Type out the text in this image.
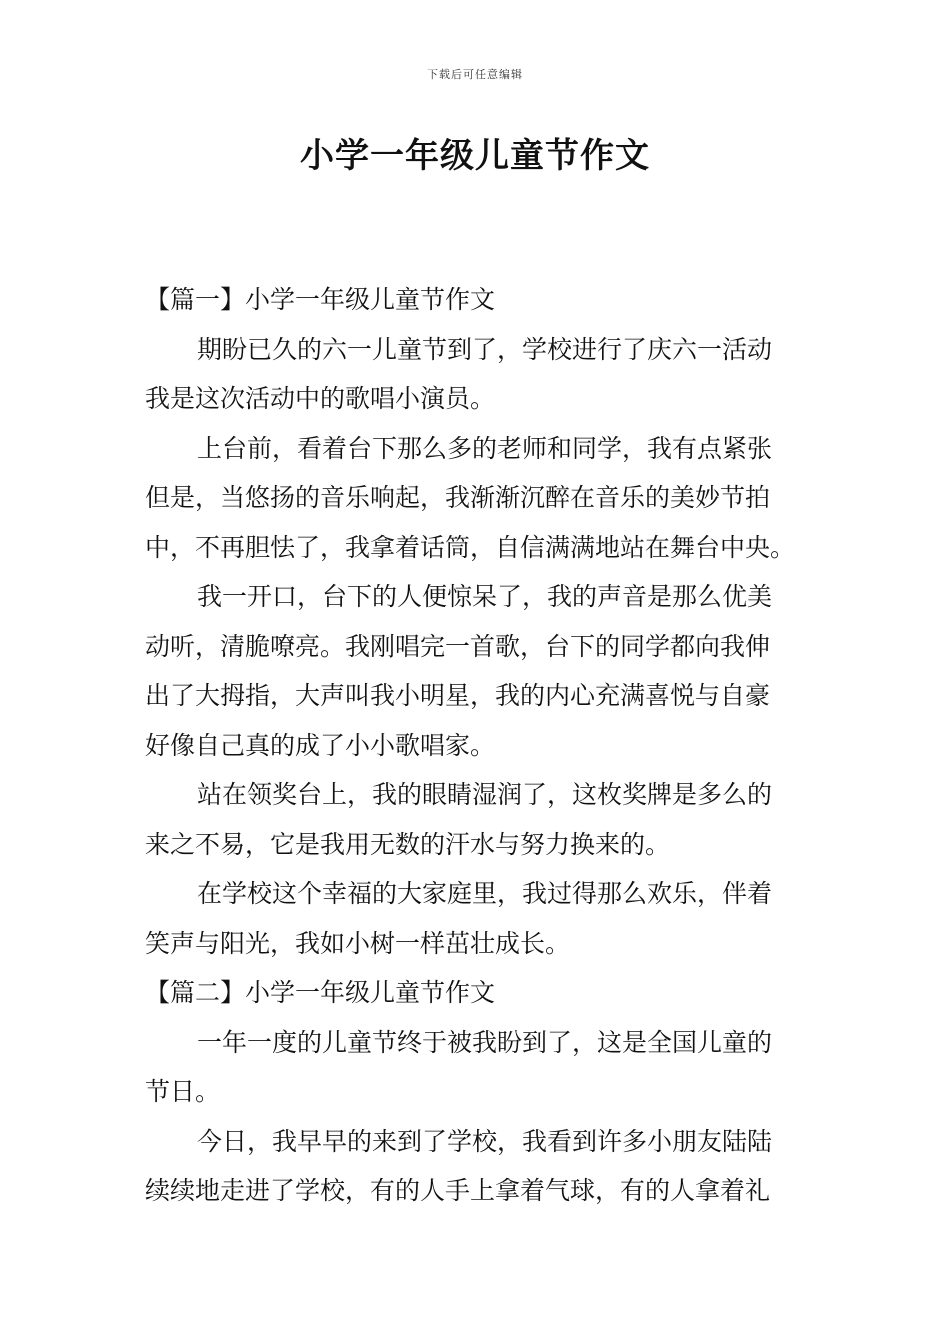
下载后可任意编辑
小学一年级儿童节作文
【篇一】小学一年级儿童节作文
期盼已久的六一儿童节到了，学校进行了庆六一活动
我是这次活动中的歌唱小演员。
上台前，看着台下那么多的老师和同学，我有点紧张
但是，当悠扬的音乐响起，我渐渐沉醉在音乐的美妙节拍
中，不再胆怯了，我拿着话筒，自信满满地站在舞台中央。
我一开口，台下的人便惊呆了，我的声音是那么优美
动听，清脆嘹亮。我刚唱完一首歌，台下的同学都向我伸
出了大拇指，大声叫我小明星，我的内心充满喜悦与自豪
好像自己真的成了小小歌唱家。
站在领奖台上，我的眼睛湿润了，这枚奖牌是多么的
来之不易，它是我用无数的汗水与努力换来的。
在学校这个幸福的大家庭里，我过得那么欢乐，伴着
笑声与阳光，我如小树一样茁壮成长。
【篇二】小学一年级儿童节作文
一年一度的儿童节终于被我盼到了，这是全国儿童的
节日。
今日，我早早的来到了学校，我看到许多小朋友陆陆
续续地走进了学校，有的人手上拿着气球，有的人拿着礼
